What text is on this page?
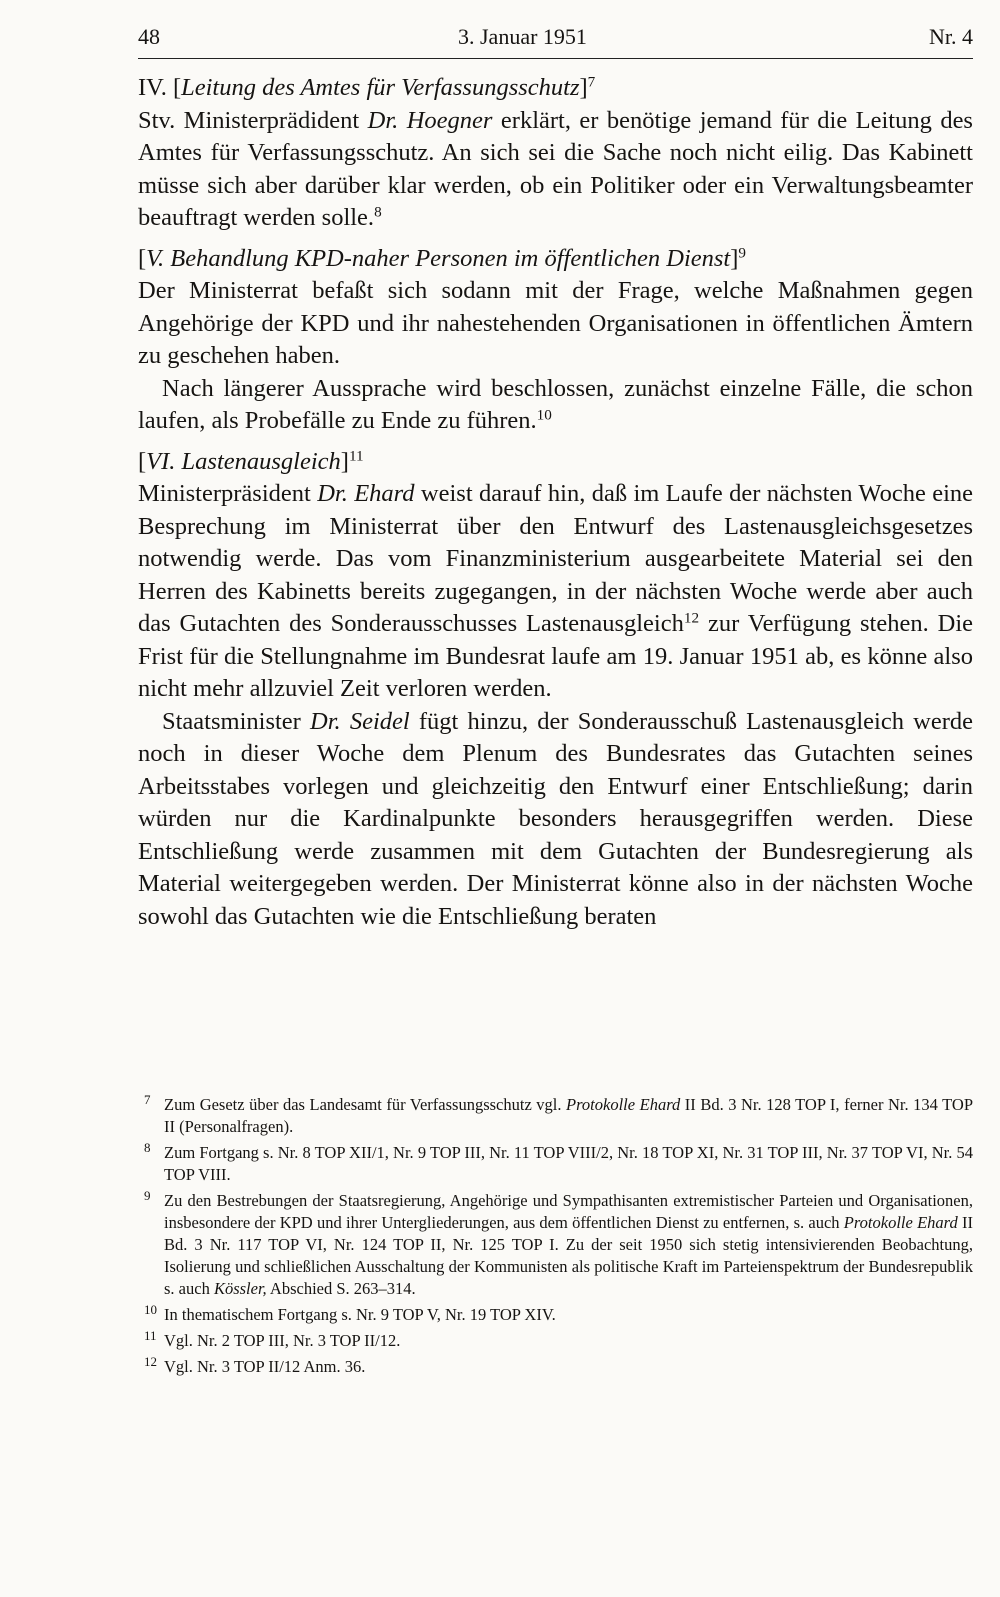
48	3. Januar 1951	Nr. 4

IV. [Leitung des Amtes für Verfassungsschutz]$^7$

Stv. Ministerprädident Dr. Hoegner erklärt, er benötige jemand für die Leitung des Amtes für Verfassungsschutz. An sich sei die Sache noch nicht eilig. Das Kabinett müsse sich aber darüber klar werden, ob ein Politiker oder ein Verwaltungsbeamter beauftragt werden solle.$^8$

[V. Behandlung KPD-naher Personen im öffentlichen Dienst]$^9$

Der Ministerrat befaßt sich sodann mit der Frage, welche Maßnahmen gegen Angehörige der KPD und ihr nahestehenden Organisationen in öffentlichen Ämtern zu geschehen haben.

Nach längerer Aussprache wird beschlossen, zunächst einzelne Fälle, die schon laufen, als Probefälle zu Ende zu führen.$^{10}$

[VI. Lastenausgleich]$^{11}$

Ministerpräsident Dr. Ehard weist darauf hin, daß im Laufe der nächsten Woche eine Besprechung im Ministerrat über den Entwurf des Lastenausgleichsgesetzes notwendig werde. Das vom Finanzministerium ausgearbeitete Material sei den Herren des Kabinetts bereits zugegangen, in der nächsten Woche werde aber auch das Gutachten des Sonderausschusses Lastenausgleich$^{12}$ zur Verfügung stehen. Die Frist für die Stellungnahme im Bundesrat laufe am 19. Januar 1951 ab, es könne also nicht mehr allzuviel Zeit verloren werden.

Staatsminister Dr. Seidel fügt hinzu, der Sonderausschuß Lastenausgleich werde noch in dieser Woche dem Plenum des Bundesrates das Gutachten seines Arbeitsstabes vorlegen und gleichzeitig den Entwurf einer Entschließung; darin würden nur die Kardinalpunkte besonders herausgegriffen werden. Diese Entschließung werde zusammen mit dem Gutachten der Bundesregierung als Material weitergegeben werden. Der Ministerrat könne also in der nächsten Woche sowohl das Gutachten wie die Entschließung beraten

7 Zum Gesetz über das Landesamt für Verfassungsschutz vgl. Protokolle Ehard II Bd. 3 Nr. 128 TOP I, ferner Nr. 134 TOP II (Personalfragen).
8 Zum Fortgang s. Nr. 8 TOP XII/1, Nr. 9 TOP III, Nr. 11 TOP VIII/2, Nr. 18 TOP XI, Nr. 31 TOP III, Nr. 37 TOP VI, Nr. 54 TOP VIII.
9 Zu den Bestrebungen der Staatsregierung, Angehörige und Sympathisanten extremistischer Parteien und Organisationen, insbesondere der KPD und ihrer Untergliederungen, aus dem öffentlichen Dienst zu entfernen, s. auch Protokolle Ehard II Bd. 3 Nr. 117 TOP VI, Nr. 124 TOP II, Nr. 125 TOP I. Zu der seit 1950 sich stetig intensivierenden Beobachtung, Isolierung und schließlichen Ausschaltung der Kommunisten als politische Kraft im Parteienspektrum der Bundesrepublik s. auch Kössler, Abschied S. 263–314.
10 In thematischem Fortgang s. Nr. 9 TOP V, Nr. 19 TOP XIV.
11 Vgl. Nr. 2 TOP III, Nr. 3 TOP II/12.
12 Vgl. Nr. 3 TOP II/12 Anm. 36.
